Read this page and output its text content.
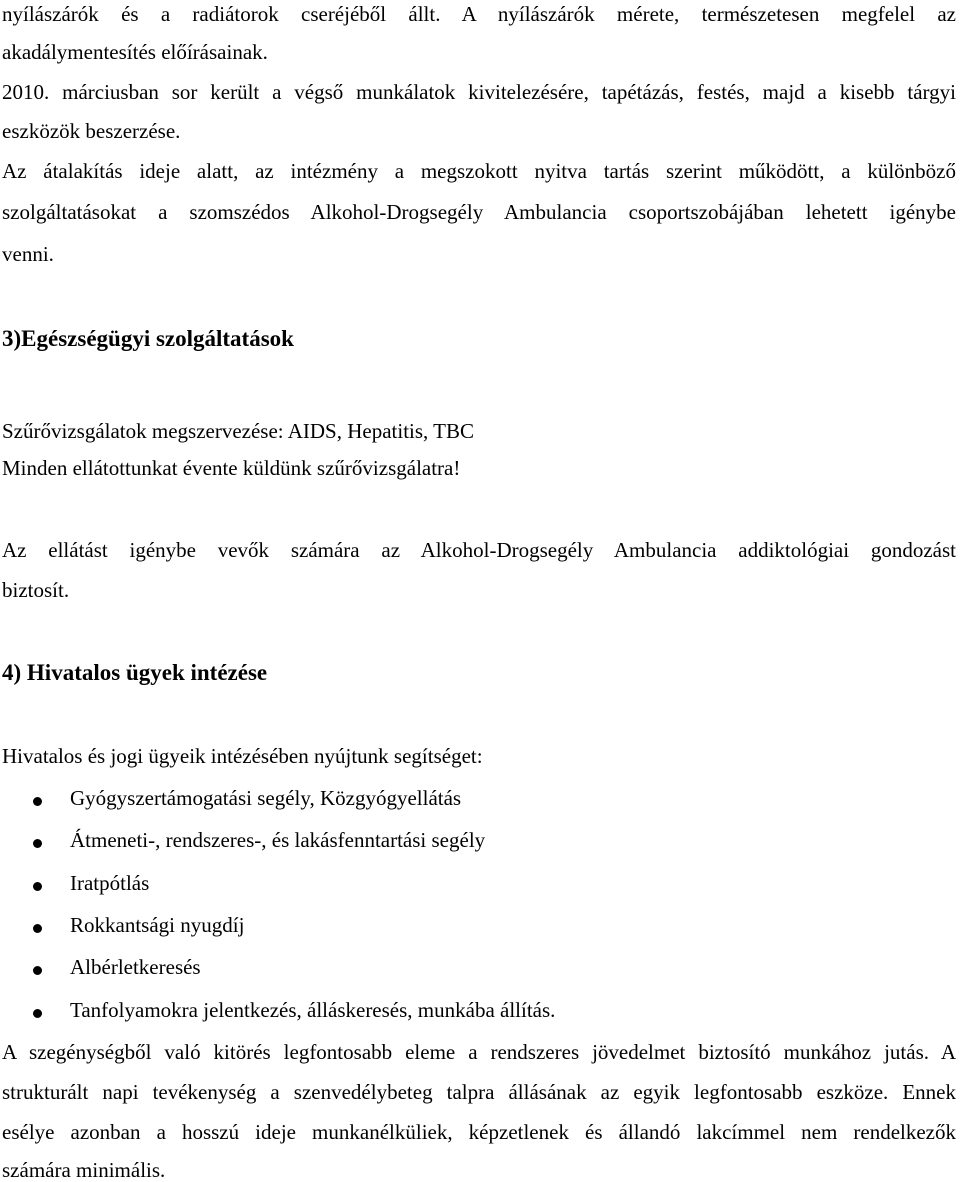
nyílászárók és a radiátorok cseréjéből állt. A nyílászárók mérete, természetesen megfelel az
akadálymentesítés előírásainak.
2010. márciusban sor került a végső munkálatok kivitelezésére, tapétázás, festés, majd a kisebb tárgyi
eszközök beszerzése.
Az átalakítás ideje alatt, az intézmény a megszokott nyitva tartás szerint működött, a különböző
szolgáltatásokat a szomszédos Alkohol-Drogsegély Ambulancia csoportszobájában lehetett igénybe
venni.
3)Egészségügyi szolgáltatások
Szűrővizsgálatok megszervezése: AIDS, Hepatitis, TBC
Minden ellátottunkat évente küldünk szűrővizsgálatra!
Az ellátást igénybe vevők számára az Alkohol-Drogsegély Ambulancia addiktológiai gondozást
biztosít.
4) Hivatalos ügyek intézése
Hivatalos és jogi ügyeik intézésében nyújtunk segítséget:
Gyógyszertámogatási segély, Közgyógyellátás
Átmeneti-, rendszeres-, és lakásfenntartási segély
Iratpótlás
Rokkantsági nyugdíj
Albérletkeresés
Tanfolyamokra jelentkezés, álláskeresés, munkába állítás.
A szegénységből való kitörés legfontosabb eleme a rendszeres jövedelmet biztosító munkához jutás. A
strukturált napi tevékenység a szenvedélybeteg talpra állásának az egyik legfontosabb eszköze. Ennek
esélye azonban a hosszú ideje munkanélküliek, képzetlenek és állandó lakcímmel nem rendelkezők
számára minimális.
